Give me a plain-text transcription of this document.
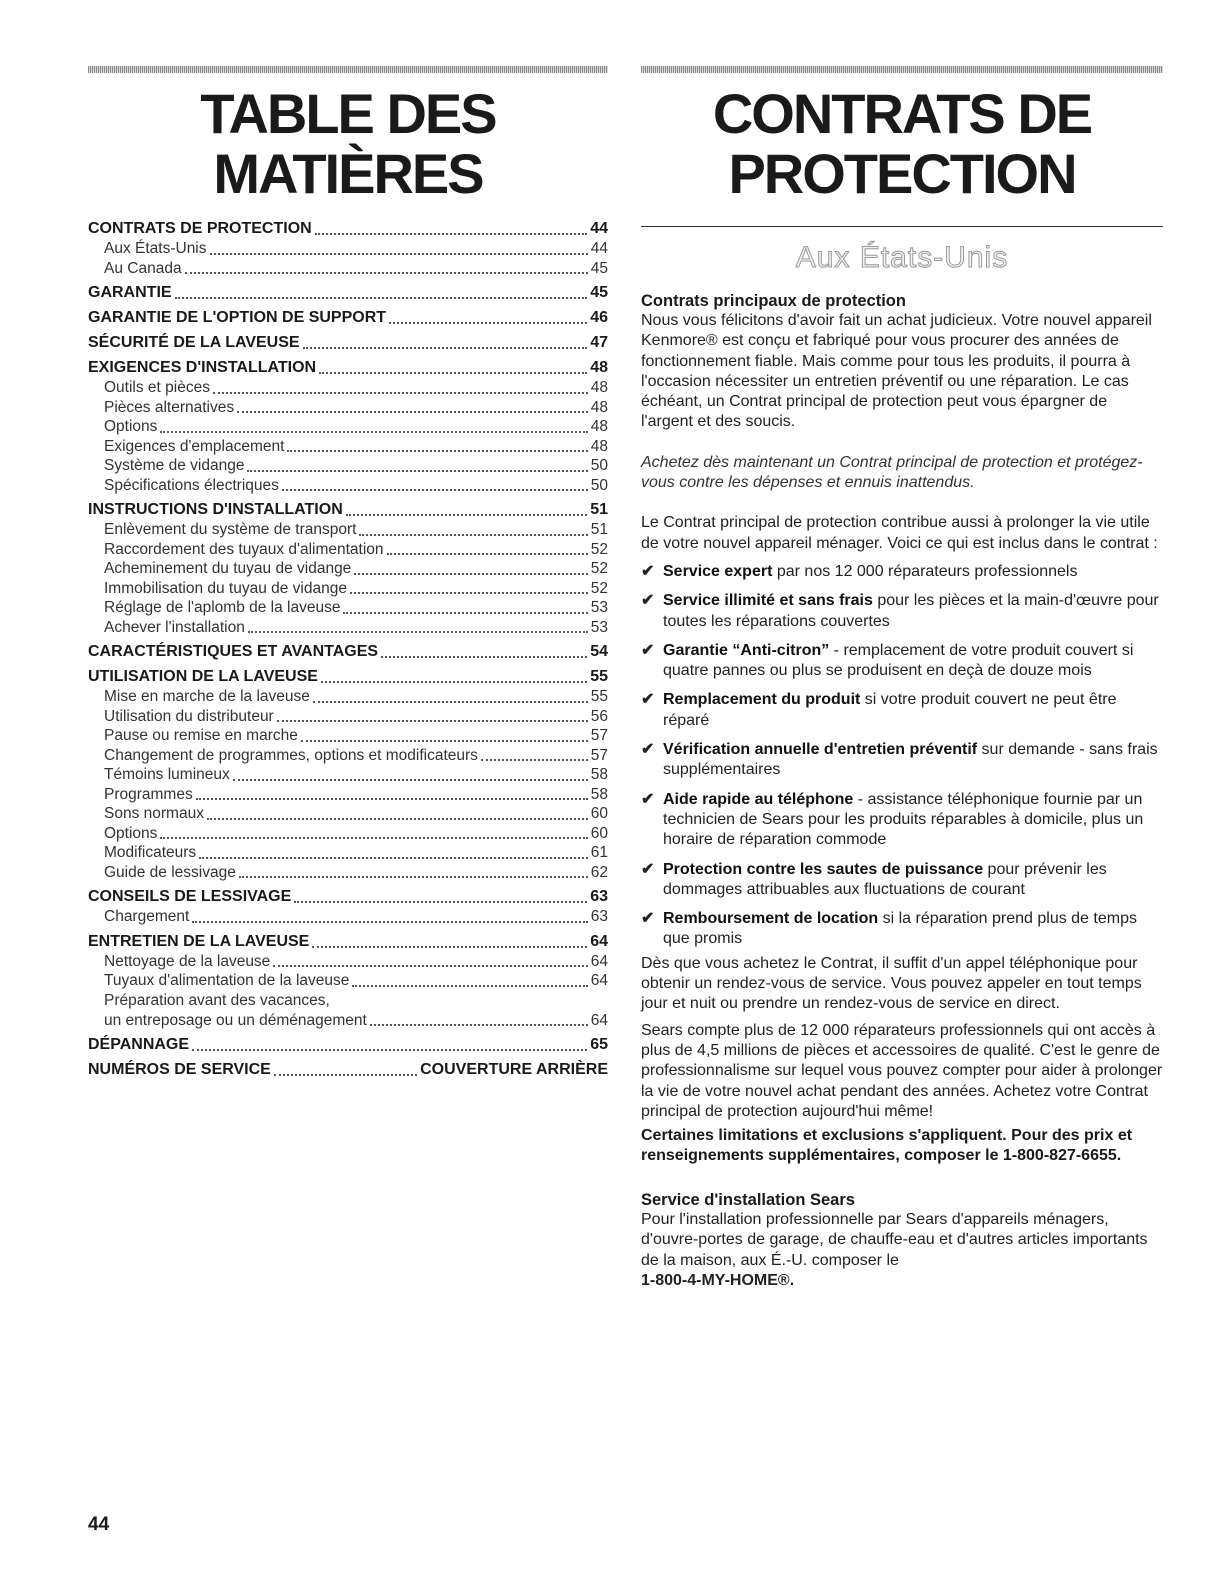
TABLE DES MATIÈRES
CONTRATS DE PROTECTION	44
Aux États-Unis	44
Au Canada	45
GARANTIE	45
GARANTIE DE L'OPTION DE SUPPORT	46
SÉCURITÉ DE LA LAVEUSE	47
EXIGENCES D'INSTALLATION	48
Outils et pièces	48
Pièces alternatives	48
Options	48
Exigences d'emplacement	48
Système de vidange	50
Spécifications électriques	50
INSTRUCTIONS D'INSTALLATION	51
Enlèvement du système de transport	51
Raccordement des tuyaux d'alimentation	52
Acheminement du tuyau de vidange	52
Immobilisation du tuyau de vidange	52
Réglage de l'aplomb de la laveuse	53
Achever l'installation	53
CARACTÉRISTIQUES ET AVANTAGES	54
UTILISATION DE LA LAVEUSE	55
Mise en marche de la laveuse	55
Utilisation du distributeur	56
Pause ou remise en marche	57
Changement de programmes, options et modificateurs	57
Témoins lumineux	58
Programmes	58
Sons normaux	60
Options	60
Modificateurs	61
Guide de lessivage	62
CONSEILS DE LESSIVAGE	63
Chargement	63
ENTRETIEN DE LA LAVEUSE	64
Nettoyage de la laveuse	64
Tuyaux d'alimentation de la laveuse	64
Préparation avant des vacances,
un entreposage ou un déménagement	64
DÉPANNAGE	65
NUMÉROS DE SERVICE	COUVERTURE ARRIÈRE
CONTRATS DE
PROTECTION
Aux États-Unis

Contrats principaux de protection

Nous vous félicitons d'avoir fait un achat judicieux. Votre nouvel appareil Kenmore® est conçu et fabriqué pour vous procurer des années de fonctionnement fiable. Mais comme pour tous les produits, il pourra à l'occasion nécessiter un entretien préventif ou une réparation. Le cas échéant, un Contrat principal de protection peut vous épargner de l'argent et des soucis.

Achetez dès maintenant un Contrat principal de protection et protégez-vous contre les dépenses et ennuis inattendus.

Le Contrat principal de protection contribue aussi à prolonger la vie utile de votre nouvel appareil ménager. Voici ce qui est inclus dans le contrat :

✔ Service expert par nos 12 000 réparateurs professionnels

✔ Service illimité et sans frais pour les pièces et la main-d'œuvre pour toutes les réparations couvertes

✔ Garantie “Anti-citron” - remplacement de votre produit couvert si quatre pannes ou plus se produisent en deçà de douze mois

✔ Remplacement du produit si votre produit couvert ne peut être réparé

✔ Vérification annuelle d'entretien préventif sur demande - sans frais supplémentaires

✔ Aide rapide au téléphone - assistance téléphonique fournie par un technicien de Sears pour les produits réparables à domicile, plus un horaire de réparation commode

✔ Protection contre les sautes de puissance pour prévenir les dommages attribuables aux fluctuations de courant

✔ Remboursement de location si la réparation prend plus de temps que promis

Dès que vous achetez le Contrat, il suffit d'un appel téléphonique pour obtenir un rendez-vous de service. Vous pouvez appeler en tout temps jour et nuit ou prendre un rendez-vous de service en direct.

Sears compte plus de 12 000 réparateurs professionnels qui ont accès à plus de 4,5 millions de pièces et accessoires de qualité. C'est le genre de professionnalisme sur lequel vous pouvez compter pour aider à prolonger la vie de votre nouvel achat pendant des années. Achetez votre Contrat principal de protection aujourd'hui même!

Certaines limitations et exclusions s'appliquent. Pour des prix et renseignements supplémentaires, composer le 1-800-827-6655.

Service d'installation Sears

Pour l'installation professionnelle par Sears d'appareils ménagers, d'ouvre-portes de garage, de chauffe-eau et d'autres articles importants de la maison, aux É.-U. composer le
1-800-4-MY-HOME®.

44
